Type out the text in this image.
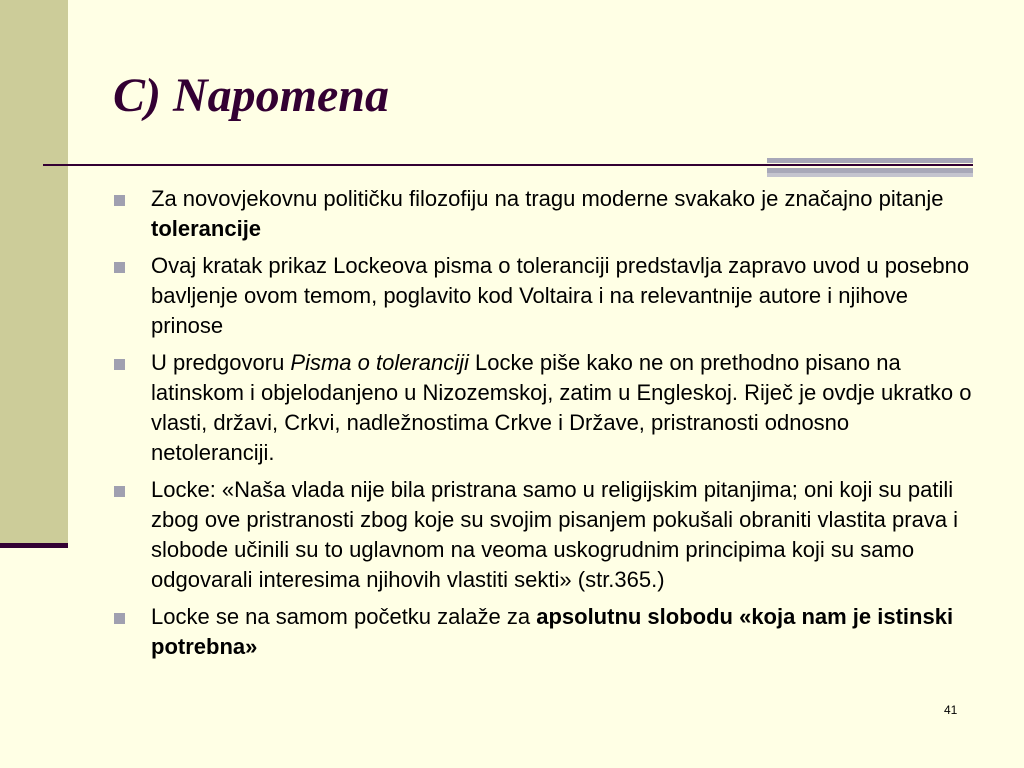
C) Napomena
Za novovjekovnu političku filozofiju na tragu moderne svakako je značajno pitanje tolerancije
Ovaj kratak prikaz Lockeova pisma o toleranciji predstavlja zapravo uvod u posebno bavljenje ovom temom, poglavito kod Voltaira i na relevantnije autore i njihove prinose
U predgovoru Pisma o toleranciji Locke piše kako ne on prethodno pisano na latinskom i objelodanjeno u Nizozemskoj, zatim u Engleskoj. Riječ je ovdje ukratko o vlasti, državi, Crkvi, nadležnostima Crkve i Države, pristranosti odnosno netoleranciji.
Locke: «Naša vlada nije bila pristrana samo u religijskim pitanjima; oni koji su patili zbog ove pristranosti zbog koje su svojim pisanjem pokušali obraniti vlastita prava i slobode učinili su to uglavnom na veoma uskogrudnim principima koji su samo odgovarali interesima njihovih vlastiti sekti» (str.365.)
Locke se na samom početku zalaže za apsolutnu slobodu «koja nam je istinski potrebna»
41
